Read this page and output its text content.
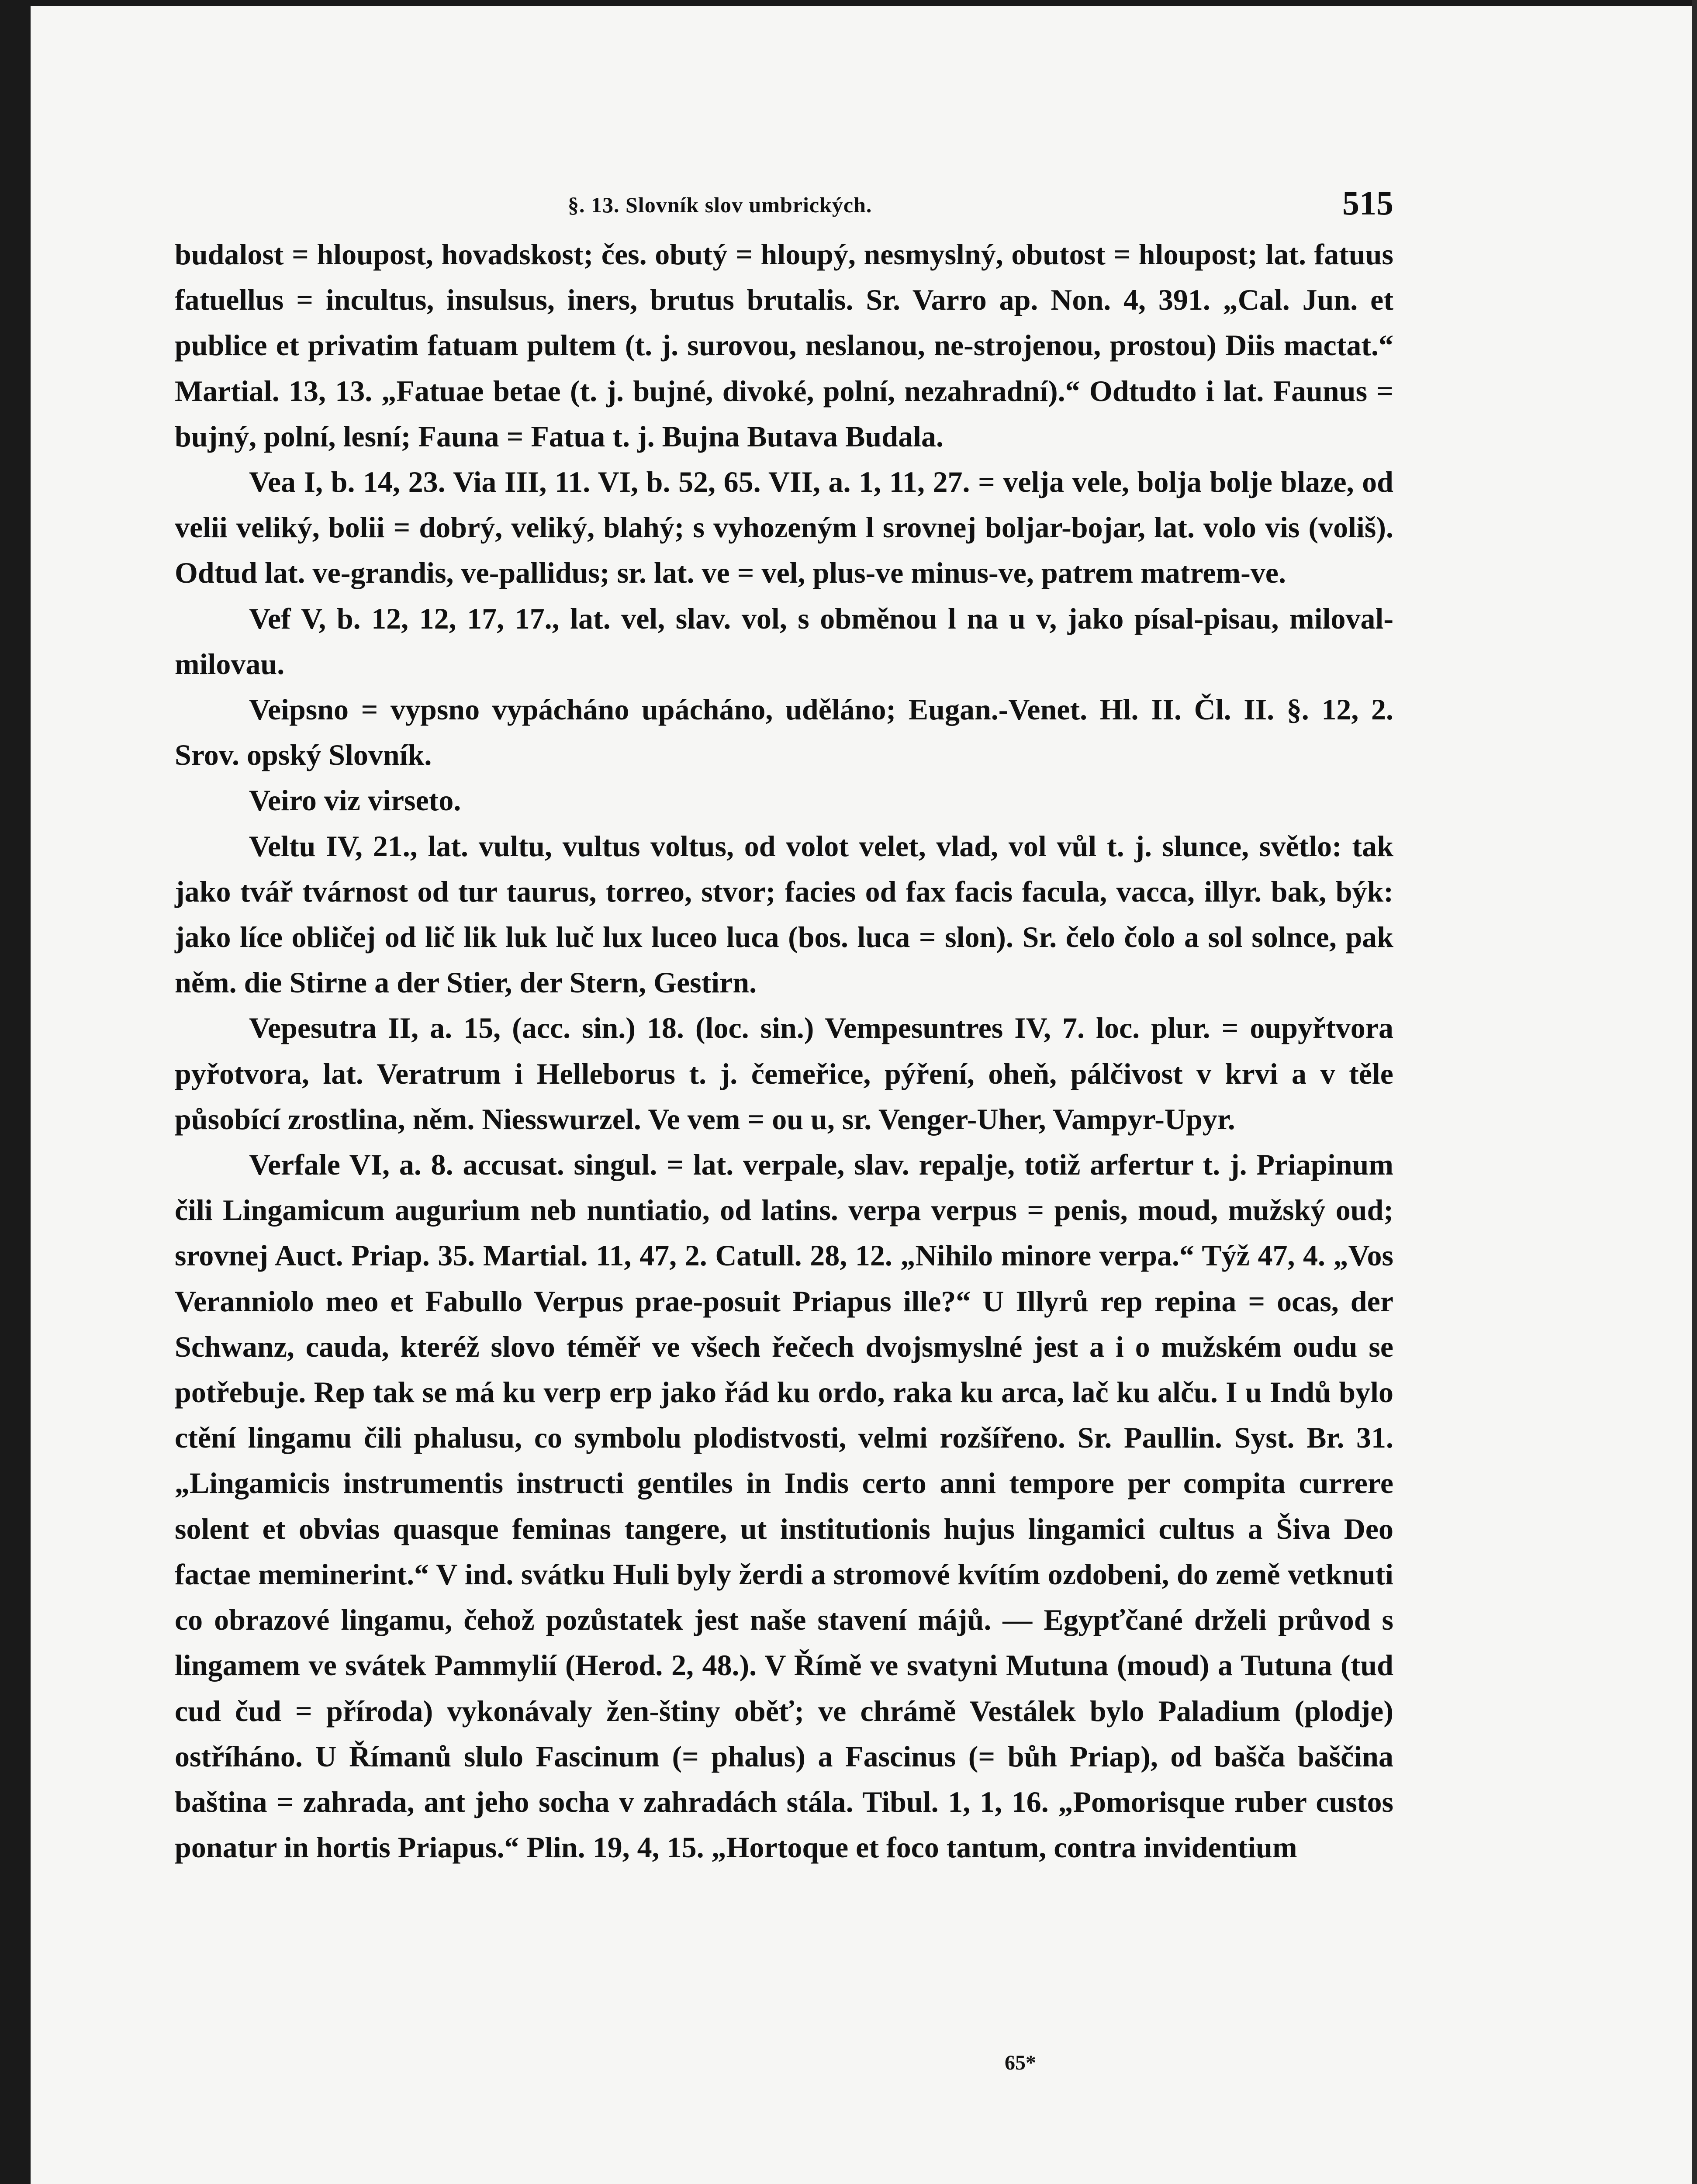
§. 13. Slovník slov umbrických.	515

budalost = hloupost, hovadskost; čes. obutý = hloupý, nesmyslný, obutost = hloupost; lat. fatuus fatuellus = incultus, insulsus, iners, brutus brutalis. Sr. Varro ap. Non. 4, 391. „Cal. Jun. et publice et privatim fatuam pultem (t. j. surovou, neslanou, ne-strojenou, prostou) Diis mactat.“ Martial. 13, 13. „Fatuae betae (t. j. bujné, divoké, polní, nezahradní).“ Odtudto i lat. Faunus = bujný, polní, lesní; Fauna = Fatua t. j. Bujna Butava Budala.

Vea I, b. 14, 23. Via III, 11. VI, b. 52, 65. VII, a. 1, 11, 27. = velja vele, bolja bolje blaze, od velii veliký, bolii = dobrý, veliký, blahý; s vyhozeným l srovnej boljar-bojar, lat. volo vis (voliš). Odtud lat. ve-grandis, ve-pallidus; sr. lat. ve = vel, plus-ve minus-ve, patrem matrem-ve.

Vef V, b. 12, 12, 17, 17., lat. vel, slav. vol, s obměnou l na u v, jako písal-pisau, miloval-milovau.

Veipsno = vypsno vypácháno upácháno, uděláno; Eugan.-Venet. Hl. II. Čl. II. §. 12, 2. Srov. opský Slovník.

Veiro viz virseto.

Veltu IV, 21., lat. vultu, vultus voltus, od volot velet, vlad, vol vůl t. j. slunce, světlo: tak jako tvář tvárnost od tur taurus, torreo, stvor; facies od fax facis facula, vacca, illyr. bak, býk: jako líce obličej od lič lik luk luč lux luceo luca (bos. luca = slon). Sr. čelo čolo a sol solnce, pak něm. die Stirne a der Stier, der Stern, Gestirn.

Vepesutra II, a. 15, (acc. sin.) 18. (loc. sin.) Vempesuntres IV, 7. loc. plur. = oupyřtvora pyřotvora, lat. Veratrum i Helleborus t. j. čemeřice, pýření, oheň, pálčivost v krvi a v těle působící zrostlina, něm. Niesswurzel. Ve vem = ou u, sr. Venger-Uher, Vampyr-Upyr.

Verfale VI, a. 8. accusat. singul. = lat. verpale, slav. repalje, totiž arfertur t. j. Priapinum čili Lingamicum augurium neb nuntiatio, od latins. verpa verpus = penis, moud, mužský oud; srovnej Auct. Priap. 35. Martial. 11, 47, 2. Catull. 28, 12. „Nihilo minore verpa.“ Týž 47, 4. „Vos Veranniolo meo et Fabullo Verpus prae-posuit Priapus ille?“ U Illyrů rep repina = ocas, der Schwanz, cauda, kteréž slovo téměř ve všech řečech dvojsmyslné jest a i o mužském oudu se potřebuje. Rep tak se má ku verp erp jako řád ku ordo, raka ku arca, lač ku alču. I u Indů bylo ctění lingamu čili phalusu, co symbolu plodistvosti, velmi rozšířeno. Sr. Paullin. Syst. Br. 31. „Lingamicis instrumentis instructi gentiles in Indis certo anni tempore per compita currere solent et obvias quasque feminas tangere, ut institutionis hujus lingamici cultus a Šiva Deo factae meminerint.“ V ind. svátku Huli byly žerdi a stromové kvítím ozdobeni, do země vetknuti co obrazové lingamu, čehož pozůstatek jest naše stavení májů. — Egypťčané drželi průvod s lingamem ve svátek Pammylií (Herod. 2, 48.). V Římě ve svatyni Mutuna (moud) a Tutuna (tud cud čud = příroda) vykonávaly žen-štiny oběť; ve chrámě Vestálek bylo Paladium (plodje) ostříháno. U Římanů slulo Fascinum (= phalus) a Fascinus (= bůh Priap), od bašča baščina baština = zahrada, ant jeho socha v zahradách stála. Tibul. 1, 1, 16. „Pomorisque ruber custos ponatur in hortis Priapus.“ Plin. 19, 4, 15. „Hortoque et foco tantum, contra invidentium

65*
